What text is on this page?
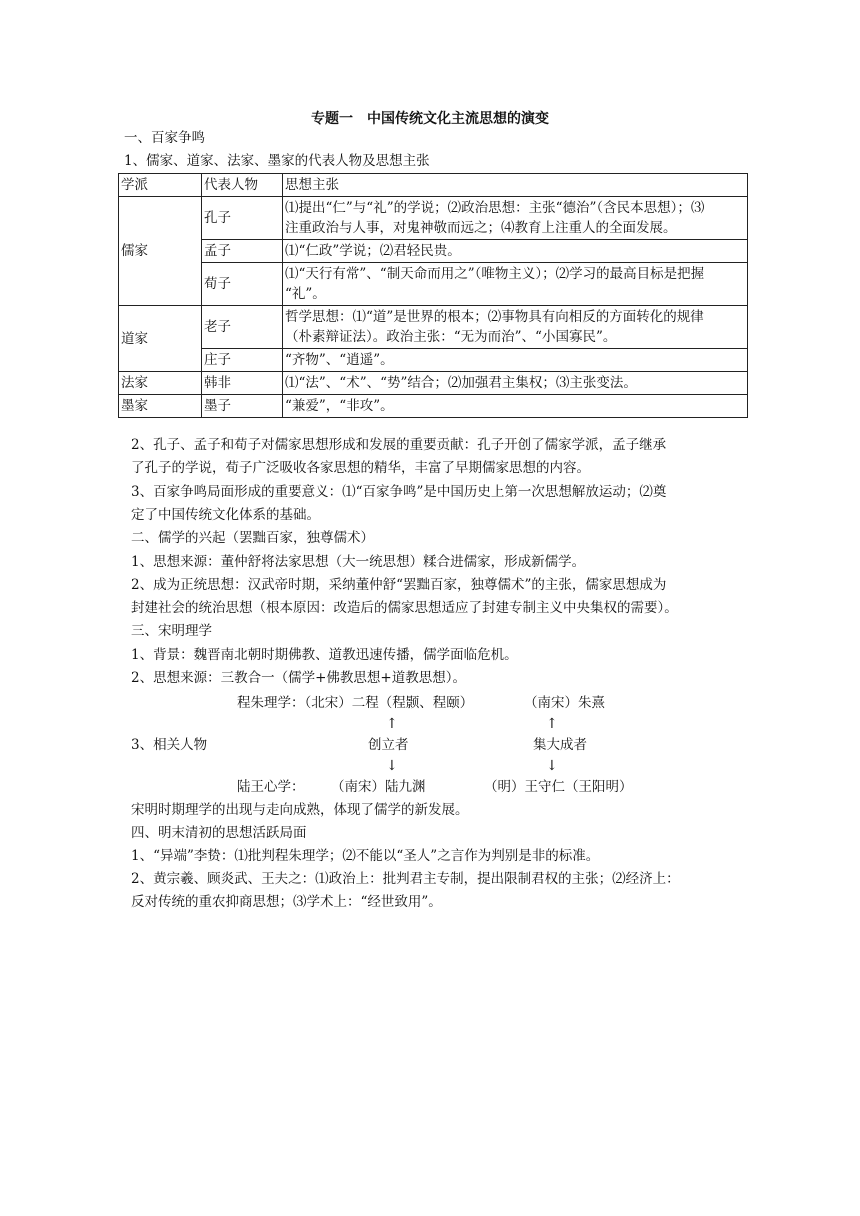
专题一　中国传统文化主流思想的演变
一、百家争鸣
1、儒家、道家、法家、墨家的代表人物及思想主张
学派	代表人物	思想主张
儒家	孔子	⑴提出“仁”与“礼”的学说；⑵政治思想：主张“德治”（含民本思想）；⑶
注重政治与人事，对鬼神敬而远之；⑷教育上注重人的全面发展。

	孟子	⑴“仁政”学说；⑵君轻民贵。
	荀子	⑴“天行有常”、“制天命而用之”（唯物主义）；⑵学习的最高目标是把握
“礼”。

道家	老子	哲学思想：⑴“道”是世界的根本；⑵事物具有向相反的方面转化的规律
（朴素辩证法）。政治主张：“无为而治”、“小国寡民”。

	庄子	“齐物”、“逍遥”。
法家	韩非	⑴“法”、“术”、“势”结合；⑵加强君主集权；⑶主张变法。
墨家	墨子	“兼爱”，“非攻”。
2、孔子、孟子和荀子对儒家思想形成和发展的重要贡献：孔子开创了儒家学派，孟子继承
了孔子的学说，荀子广泛吸收各家思想的精华，丰富了早期儒家思想的内容。
3、百家争鸣局面形成的重要意义：⑴“百家争鸣”是中国历史上第一次思想解放运动；⑵奠
定了中国传统文化体系的基础。
二、儒学的兴起（罢黜百家，独尊儒术）
1、思想来源：董仲舒将法家思想（大一统思想）糅合进儒家，形成新儒学。
2、成为正统思想：汉武帝时期，采纳董仲舒“罢黜百家，独尊儒术”的主张，儒家思想成为
封建社会的统治思想（根本原因：改造后的儒家思想适应了封建专制主义中央集权的需要）。
三、宋明理学
1、背景：魏晋南北朝时期佛教、道教迅速传播，儒学面临危机。
2、思想来源：三教合一（儒学+佛教思想+道教思想）。
程朱理学：（北宋）二程（程颢、程颐）	（南宋）朱熹
↑	↑
3、相关人物	创立者	集大成者
↓	↓
陆王心学： （南宋）陆九渊	（明）王守仁（王阳明）
宋明时期理学的出现与走向成熟，体现了儒学的新发展。
四、明末清初的思想活跃局面
1、“异端”李贽：⑴批判程朱理学；⑵不能以“圣人”之言作为判别是非的标准。
2、黄宗羲、顾炎武、王夫之：⑴政治上：批判君主专制，提出限制君权的主张；⑵经济上：
反对传统的重农抑商思想；⑶学术上：“经世致用”。
